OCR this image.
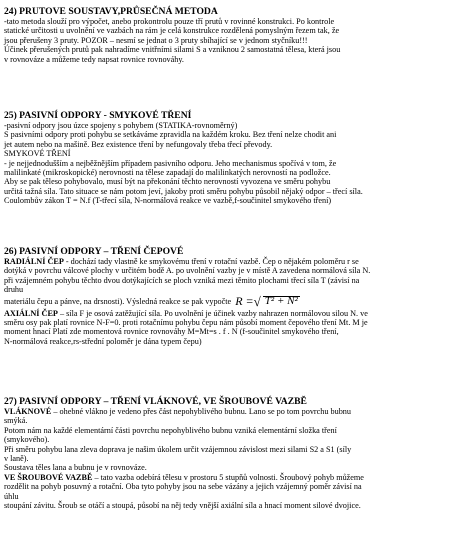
24) PRUTOVE SOUSTAVY,PRŮSEČNÁ METODA

-tato metoda slouží pro výpočet, anebo prokontrolu pouze tří prutů v rovinné konstrukci. Po kontrole

statické určitosti u uvolnění ve vazbách na rám je celá konstrukce rozdělená pomyslným řezem tak, že

jsou přerušeny 3 pruty. POZOR – nesmí se jednat o 3 pruty sbíhající se v jednom styčníku!!!

Účinek přerušených prutů pak nahradíme vnitřními silami S a vzniknou 2 samostatná tělesa, která jsou

v rovnováze a můžeme tedy napsat rovnice rovnováhy.

25) PASIVNÍ ODPORY - SMYKOVÉ TŘENÍ

-pasivní odpory jsou úzce spojeny s pohybem (STATIKA-rovnoměrný)

S pasivními odpory proti pohybu se setkáváme zpravidla na každém kroku. Bez tření nelze chodit ani

jet autem nebo na mašině. Bez existence tření by nefungovaly třeba třecí převody.

SMYKOVÉ TŘENÍ

- je nejjednodušším a nejběžnějším případem pasivního odporu. Jeho mechanismus spočívá v tom, že

malilinkaté (mikroskopické) nerovnosti na tělese zapadají do malilinkatých nerovností na podložce.

Aby se pak těleso pohybovalo, musí být na překonání těchto nerovností vyvozena ve směru pohybu

určitá tažná síla. Tato situace se nám potom jeví, jakoby proti směru pohybu působil nějaký odpor – třecí síla.

Coulombův zákon T = N.f (T-třecí síla, N-normálová reakce ve vazbě,f-součinitel smykového tření)

26) PASIVNÍ ODPORY – TŘENÍ ČEPOVÉ

RADIÁLNÍ ČEP - dochází tady vlastně ke smykovému tření v rotační vazbě. Čep o nějakém poloměru r se

dotýká v povrchu válcové plochy v určitém bodě A. po uvolnění vazby je v místě A zavedena normálová síla N.

při vzájemném pohybu těchto dvou dotýkajících se ploch vzniká mezi těmito plochami třecí síla T (závisí na

druhu

materiálu čepu a pánve, na drsnosti). Výsledná reakce se pak vypočte R = √ T² + N²

AXIÁLNÍ ČEP – síla F je osová zatěžující síla. Po uvolnění je účinek vazby nahrazen normálovou silou N. ve

směru osy pak platí rovnice N-F=0. proti rotačnímu pohybu čepu nám působí moment čepového tření Mt. M je

moment hnací Platí zde momentová rovnice rovnováhy M=Mt=s . f . N (f-součinitel smykového tření,

N-normálová reakce,rs-střední poloměr je dána typem čepu)

27) PASIVNÍ ODPORY – TŘENÍ VLÁKNOVÉ, VE ŠROUBOVÉ VAZBĚ

VLÁKNOVÉ – ohebné vlákno je vedeno přes část nepohyblivého bubnu. Lano se po tom povrchu bubnu

smýká.

Potom nám na každé elementární části povrchu nepohyblivého bubnu vzniká elementární složka tření

(smykového).

Při směru pohybu lana zleva doprava je našim úkolem určit vzájemnou závislost mezi silami S2 a S1 (síly

v laně).

Soustava těles lana a bubnu je v rovnováze.

VE ŠROUBOVÉ VAZBĚ – tato vazba odebírá tělesu v prostoru 5 stupňů volnosti. Šroubový pohyb můžeme

rozdělit na pohyb posuvný a rotační. Oba tyto pohyby jsou na sebe vázány a jejich vzájemný poměr závisí na

úhlu

stoupání závitu. Šroub se otáčí a stoupá, působí na něj tedy vnější axiální síla a hnací moment silové dvojice.
